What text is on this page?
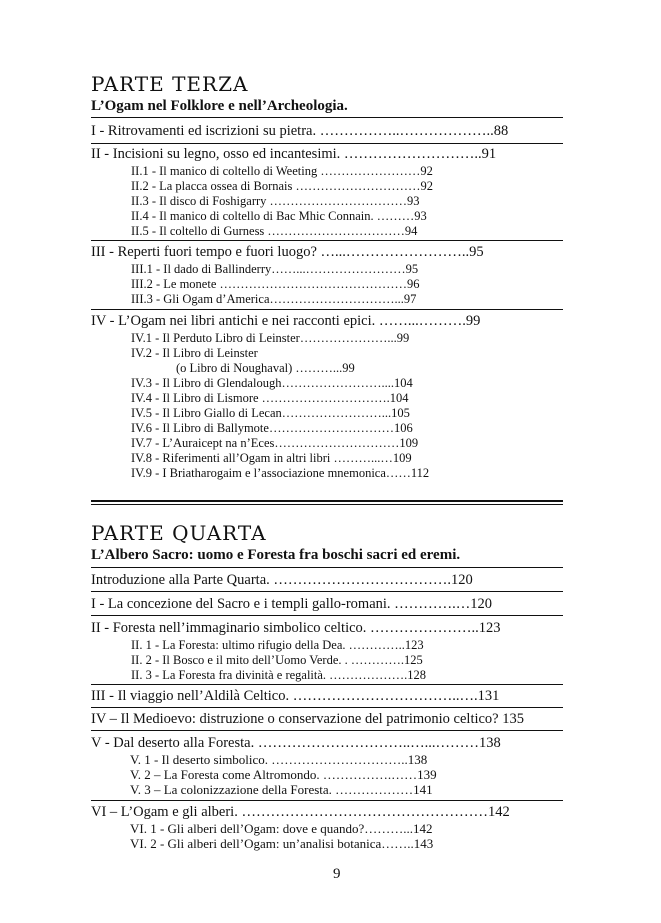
PARTE TERZA
L’Ogam nel Folklore e nell’Archeologia.
I - Ritrovamenti ed iscrizioni su pietra. ……………..………………..88
II - Incisioni su legno, osso ed incantesimi. ………………………..91
II.1 - Il manico di coltello di Weeting ……………………92
II.2 - La placca ossea di Bornais …………………………92
II.3 - Il disco di Foshigarry ……………………………93
II.4 - Il manico di coltello di Bac Mhic Connain. ………93
II.5 - Il coltello di Gurness ……………………………94
III - Reperti fuori tempo e fuori luogo? …...……………………..95
III.1 - Il dado di Ballinderry……...……………………95
III.2 - Le monete ………………………………………96
III.3 - Gli Ogam d’America…………………………...97
IV - L’Ogam nei libri antichi e nei racconti epici. ……...……….99
IV.1 - Il Perduto Libro di Leinster…………………...99
IV.2 - Il Libro di Leinster
(o Libro di Noughaval) ………...99
IV.3 - Il Libro di Glendalough……………………....104
IV.4 - Il Libro di Lismore ………………………….104
IV.5 - Il Libro Giallo di Lecan……………………...105
IV.6 - Il Libro di Ballymote…………………………106
IV.7 - L’Auraicept na n’Eces…………………………109
IV.8 - Riferimenti all’Ogam in altri libri ………...…109
IV.9 - I Briatharogaim e l’associazione mnemonica……112
PARTE QUARTA
L’Albero Sacro: uomo e Foresta fra boschi sacri ed eremi.
Introduzione alla Parte Quarta. ……………………………….120
I - La concezione del Sacro e i templi gallo-romani. ………….…120
II - Foresta nell’immaginario simbolico celtico. …………………..123
II. 1 - La Foresta: ultimo rifugio della Dea. …………..123
II. 2 - Il Bosco e il mito dell’Uomo Verde. . ………….125
II. 3 - La Foresta fra divinità e regalità. ……………….128
III - Il viaggio nell’Aldilà Celtico. ……………………………..….131
IV – Il Medioevo: distruzione o conservazione del patrimonio celtico? 135
V - Dal deserto alla Foresta. …………………………..…...………138
V. 1 - Il deserto simbolico. …………………………..138
V. 2 – La Foresta come Altromondo. …………….……139
V. 3 – La colonizzazione della Foresta. ………………141
VI – L’Ogam e gli alberi. ……………………………………………142
VI. 1 - Gli alberi dell’Ogam: dove e quando?………...142
VI. 2 - Gli alberi dell’Ogam: un’analisi botanica……..143
9
